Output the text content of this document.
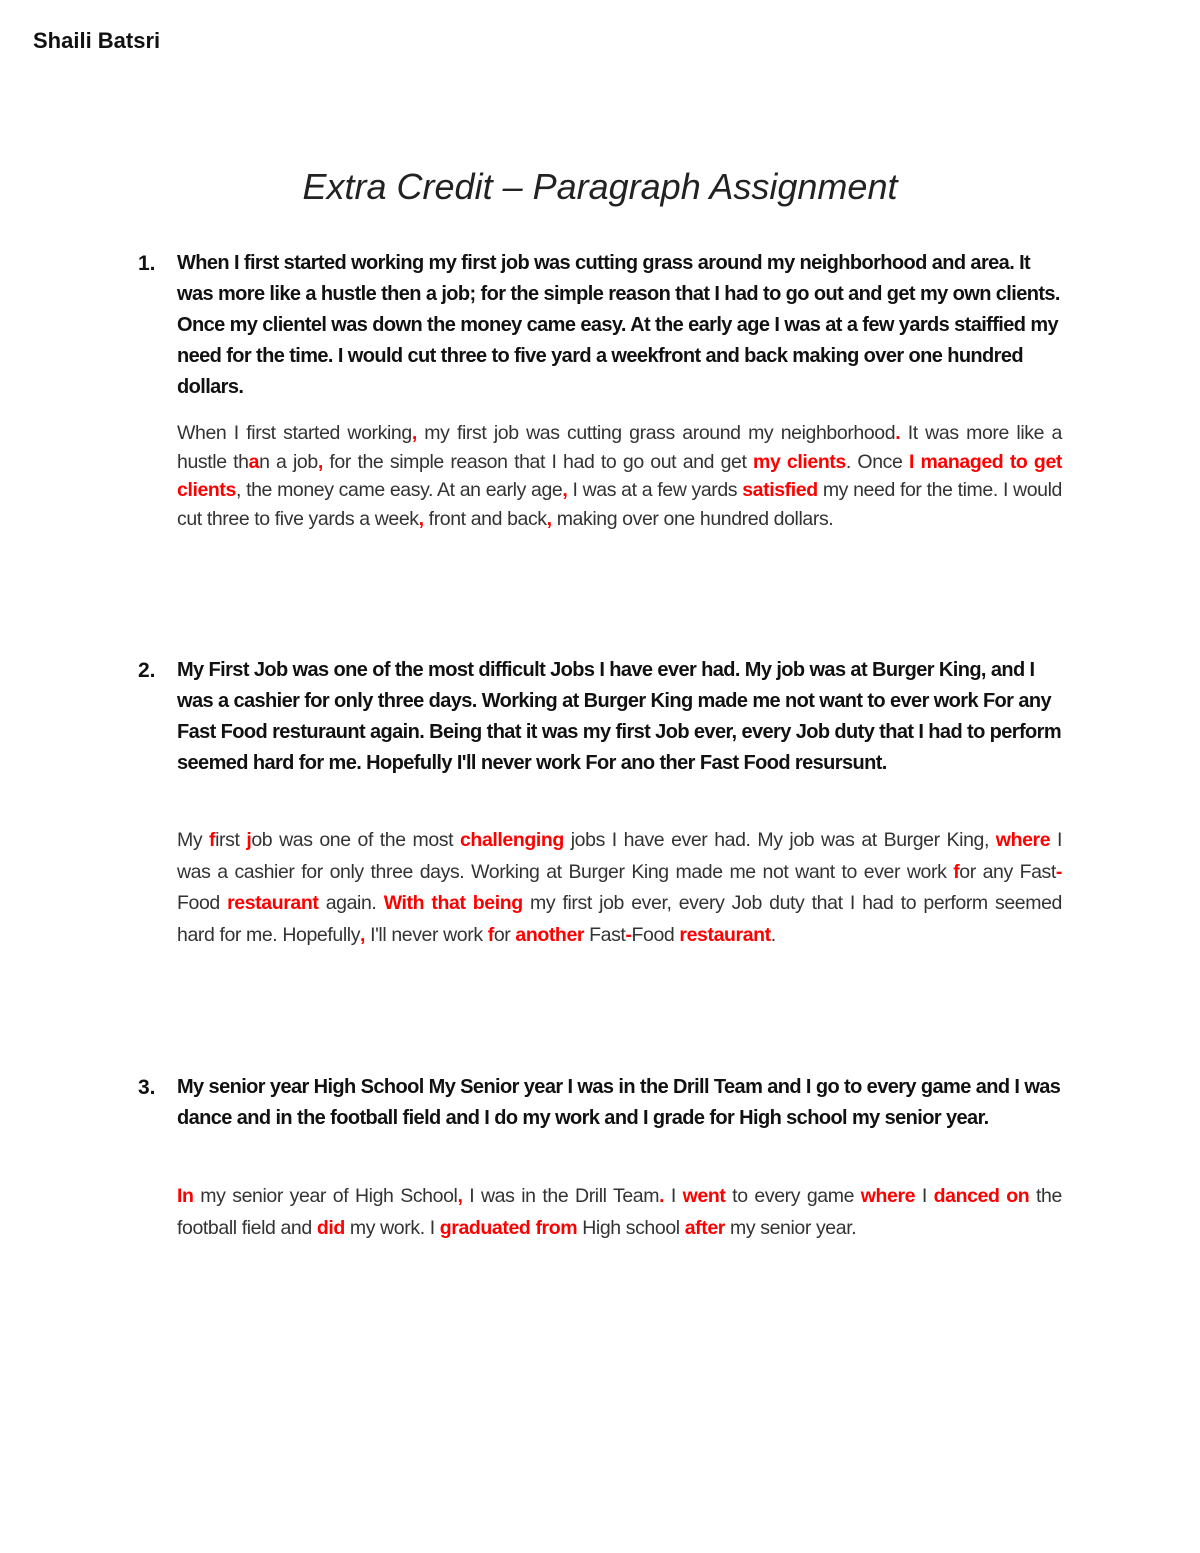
Shaili Batsri
Extra Credit – Paragraph Assignment
1. When I first started working my first job was cutting grass around my neighborhood and area. It was more like a hustle then a job; for the simple reason that I had to go out and get my own clients. Once my clientel was down the money came easy. At the early age I was at a few yards staiffied my need for the time. I would cut three to five yard a weekfront and back making over one hundred dollars.

When I first started working, my first job was cutting grass around my neighborhood. It was more like a hustle than a job, for the simple reason that I had to go out and get my clients. Once I managed to get clients, the money came easy. At an early age, I was at a few yards satisfied my need for the time. I would cut three to five yards a week, front and back, making over one hundred dollars.

2. My First Job was one of the most difficult Jobs I have ever had. My job was at Burger King, and I was a cashier for only three days. Working at Burger King made me not want to ever work For any Fast Food resturaunt again. Being that it was my first Job ever, every Job duty that I had to perform seemed hard for me. Hopefully I'll never work For ano ther Fast Food resursunt.

My first job was one of the most challenging jobs I have ever had. My job was at Burger King, where I was a cashier for only three days. Working at Burger King made me not want to ever work for any Fast-Food restaurant again. With that being my first job ever, every Job duty that I had to perform seemed hard for me. Hopefully, I'll never work for another Fast-Food restaurant.

3. My senior year High School My Senior year I was in the Drill Team and I go to every game and I was dance and in the football field and I do my work and I grade for High school my senior year.

In my senior year of High School, I was in the Drill Team. I went to every game where I danced on the football field and did my work. I graduated from High school after my senior year.
